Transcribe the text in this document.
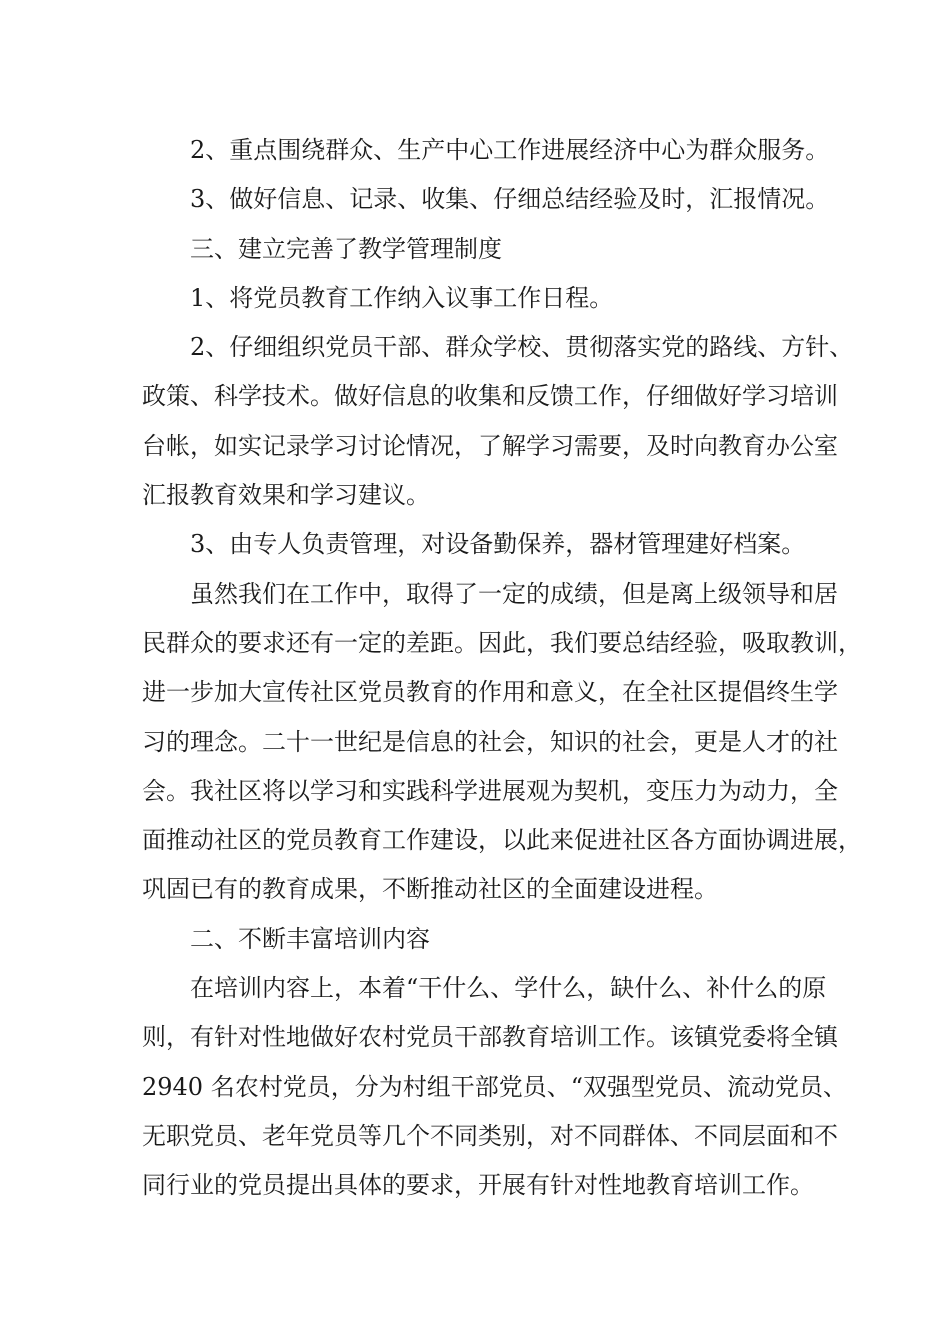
2、重点围绕群众、生产中心工作进展经济中心为群众服务。
3、做好信息、记录、收集、仔细总结经验及时，汇报情况。
三、建立完善了教学管理制度
1、将党员教育工作纳入议事工作日程。
2、仔细组织党员干部、群众学校、贯彻落实党的路线、方针、
政策、科学技术。做好信息的收集和反馈工作，仔细做好学习培训
台帐，如实记录学习讨论情况，了解学习需要，及时向教育办公室
汇报教育效果和学习建议。
3、由专人负责管理，对设备勤保养，器材管理建好档案。
虽然我们在工作中，取得了一定的成绩，但是离上级领导和居
民群众的要求还有一定的差距。因此，我们要总结经验，吸取教训，
进一步加大宣传社区党员教育的作用和意义，在全社区提倡终生学
习的理念。二十一世纪是信息的社会，知识的社会，更是人才的社
会。我社区将以学习和实践科学进展观为契机，变压力为动力，全
面推动社区的党员教育工作建设，以此来促进社区各方面协调进展，
巩固已有的教育成果，不断推动社区的全面建设进程。
二、不断丰富培训内容
在培训内容上，本着“干什么、学什么，缺什么、补什么的原
则，有针对性地做好农村党员干部教育培训工作。该镇党委将全镇
2940 名农村党员，分为村组干部党员、“双强型党员、流动党员、
无职党员、老年党员等几个不同类别，对不同群体、不同层面和不
同行业的党员提出具体的要求，开展有针对性地教育培训工作。
